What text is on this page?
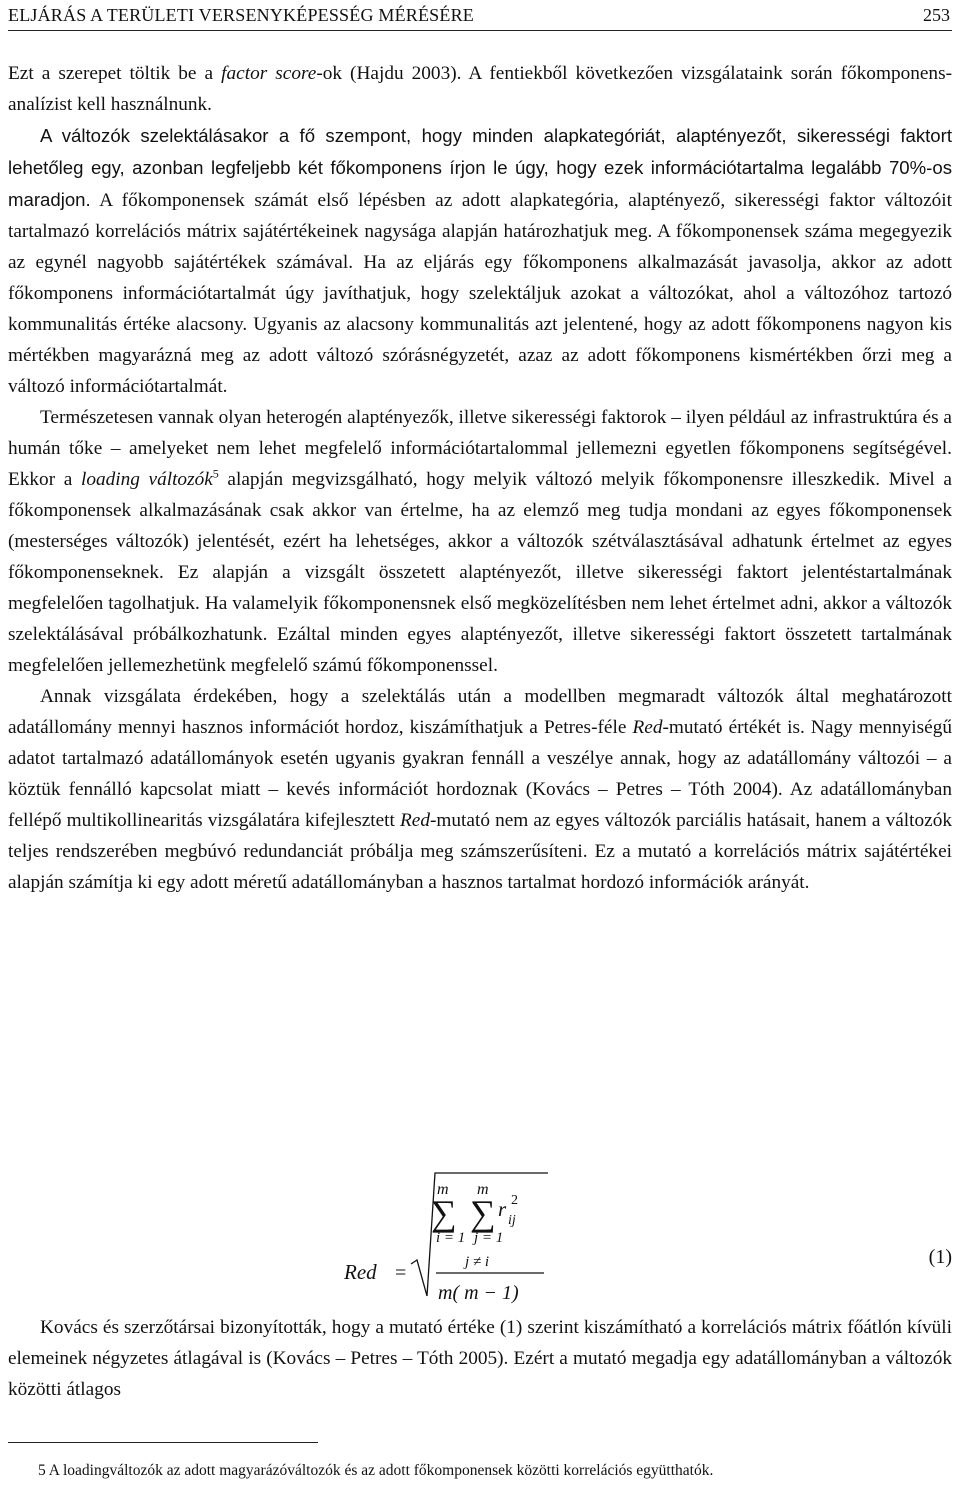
ELJÁRÁS A TERÜLETI VERSENYKÉPESSÉG MÉRÉSÉRE	253

Ezt a szerepet töltik be a factor score-ok (Hajdu 2003). A fentiekből következően vizsgálataink során főkomponens-analízist kell használnunk.

A változók szelektálásakor a fő szempont, hogy minden alapkategóriát, alaptényezőt, sikerességi faktort lehetőleg egy, azonban legfeljebb két főkomponens írjon le úgy, hogy ezek információtartalma legalább 70%-os maradjon. A főkomponensek számát első lépésben az adott alapkategória, alaptényező, sikerességi faktor változóit tartalmazó korrelációs mátrix sajátértékeinek nagysága alapján határozhatjuk meg. A főkomponensek száma megegyezik az egynél nagyobb sajátértékek számával. Ha az eljárás egy főkomponens alkalmazását javasolja, akkor az adott főkomponens információtartalmát úgy javíthatjuk, hogy szelektáljuk azokat a változókat, ahol a változóhoz tartozó kommunalitás értéke alacsony. Ugyanis az alacsony kommunalitás azt jelentené, hogy az adott főkomponens nagyon kis mértékben magyarázná meg az adott változó szórásnégyzetét, azaz az adott főkomponens kismértékben őrzi meg a változó információtartalmát.

Természetesen vannak olyan heterogén alaptényezők, illetve sikerességi faktorok – ilyen például az infrastruktúra és a humán tőke – amelyeket nem lehet megfelelő információtartalommal jellemezni egyetlen főkomponens segítségével. Ekkor a loading változók$^5$ alapján megvizsgálható, hogy melyik változó melyik főkomponensre illeszkedik. Mivel a főkomponensek alkalmazásának csak akkor van értelme, ha az elemző meg tudja mondani az egyes főkomponensek (mesterséges változók) jelentését, ezért ha lehetséges, akkor a változók szétválasztásával adhatunk értelmet az egyes főkomponenseknek. Ez alapján a vizsgált összetett alaptényezőt, illetve sikerességi faktort jelentéstartalmának megfelelően tagolhatjuk. Ha valamelyik főkomponensnek első megközelítésben nem lehet értelmet adni, akkor a változók szelektálásával próbálkozhatunk. Ezáltal minden egyes alaptényezőt, illetve sikerességi faktort összetett tartalmának megfelelően jellemezhetünk megfelelő számú főkomponenssel.

Annak vizsgálata érdekében, hogy a szelektálás után a modellben megmaradt változók által meghatározott adatállomány mennyi hasznos információt hordoz, kiszámíthatjuk a Petres-féle Red-mutató értékét is. Nagy mennyiségű adatot tartalmazó adatállományok esetén ugyanis gyakran fennáll a veszélye annak, hogy az adatállomány változói – a köztük fennálló kapcsolat miatt – kevés információt hordoznak (Kovács – Petres – Tóth 2004). Az adatállományban fellépő multikollinearitás vizsgálatára kifejlesztett Red-mutató nem az egyes változók parciális hatásait, hanem a változók teljes rendszerében megbúvó redundanciát próbálja meg számszerűsíteni. Ez a mutató a korrelációs mátrix sajátértékei alapján számítja ki egy adott méretű adatállományban a hasznos tartalmat hordozó információk arányát.

Red =
m
∑
i = 1
m
∑
j = 1
r ij
2
j ≠ i
m( m − 1)
(1)

Kovács és szerzőtársai bizonyították, hogy a mutató értéke (1) szerint kiszámítható a korrelációs mátrix főátlón kívüli elemeinek négyzetes átlagával is (Kovács – Petres – Tóth 2005). Ezért a mutató megadja egy adatállományban a változók közötti átlagos

5 A loadingváltozók az adott magyarázóváltozók és az adott főkomponensek közötti korrelációs együtthatók.
